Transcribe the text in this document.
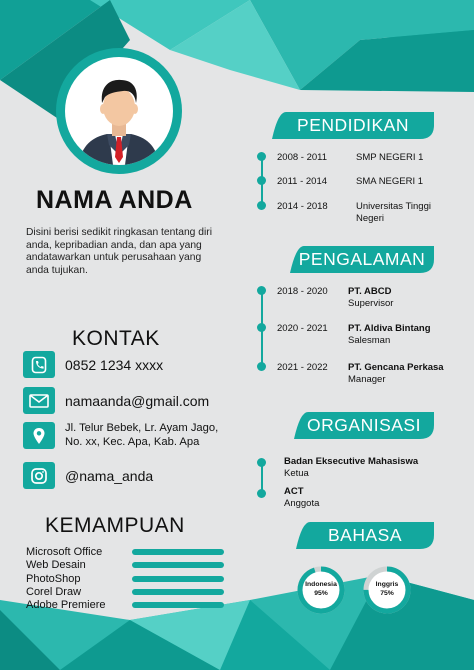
NAMA ANDA
Disini berisi sedikit ringkasan tentang diri anda, kepribadian anda, dan apa yang andatawarkan untuk perusahaan yang anda tujukan.
KONTAK
0852 1234 xxxx
namaanda@gmail.com
Jl. Telur Bebek, Lr. Ayam Jago,
No. xx, Kec. Apa, Kab. Apa
@nama_anda
KEMAMPUAN
Microsoft Office
Web Desain
PhotoShop
Corel Draw
Adobe Premiere
PENDIDIKAN
2008 - 2011	SMP NEGERI 1
2011 - 2014	SMA NEGERI 1
2014 - 2018	Universitas Tinggi
Negeri
PENGALAMAN
2018 - 2020 PT. ABCD
Supervisor
2020 - 2021 PT. Aldiva Bintang
Salesman
2021 - 2022 PT. Gencana Perkasa
Manager
ORGANISASI
Badan Eksecutive Mahasiswa
Ketua
ACT
Anggota
BAHASA
Indonesia
95%
Inggris
75%
